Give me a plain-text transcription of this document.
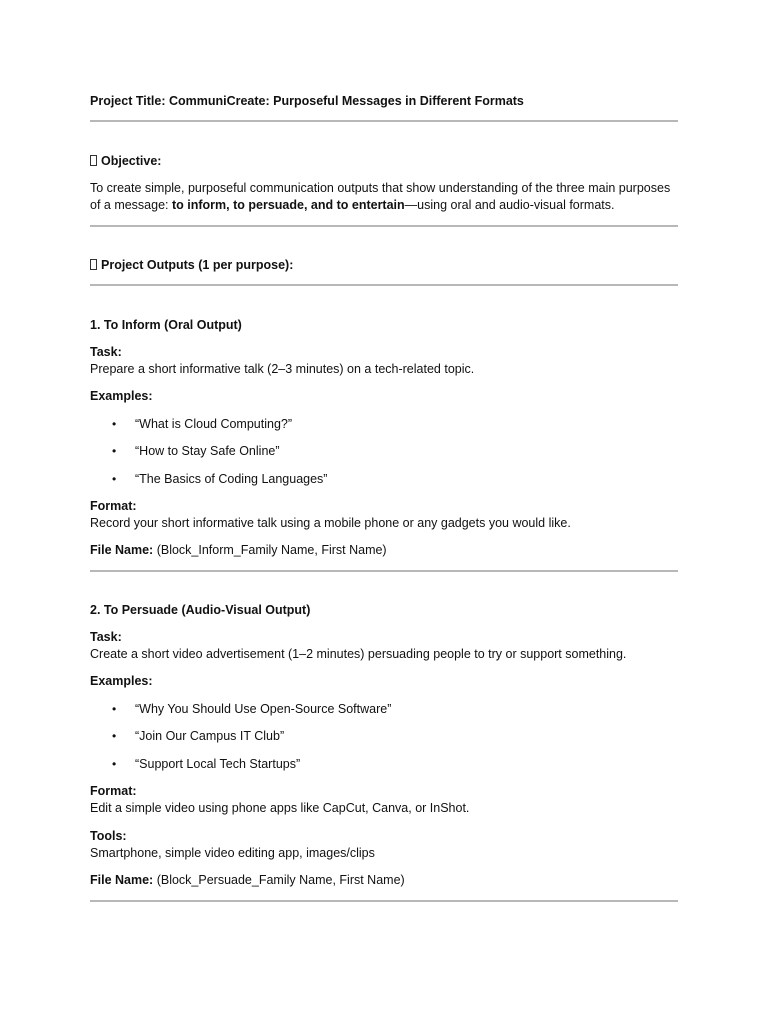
Project Title: CommuniCreate: Purposeful Messages in Different Formats

Objective:

To create simple, purposeful communication outputs that show understanding of the three main purposes of a message: to inform, to persuade, and to entertain—using oral and audio-visual formats.

Project Outputs (1 per purpose):

1. To Inform (Oral Output)

Task:

Prepare a short informative talk (2–3 minutes) on a tech-related topic.

Examples:

• “What is Cloud Computing?”
• “How to Stay Safe Online”
• “The Basics of Coding Languages”

Format:

Record your short informative talk using a mobile phone or any gadgets you would like.

File Name: (Block_Inform_Family Name, First Name)

2. To Persuade (Audio-Visual Output)

Task:

Create a short video advertisement (1–2 minutes) persuading people to try or support something.

Examples:

• “Why You Should Use Open-Source Software”
• “Join Our Campus IT Club”
• “Support Local Tech Startups”

Format:

Edit a simple video using phone apps like CapCut, Canva, or InShot.

Tools:

Smartphone, simple video editing app, images/clips

File Name: (Block_Persuade_Family Name, First Name)
